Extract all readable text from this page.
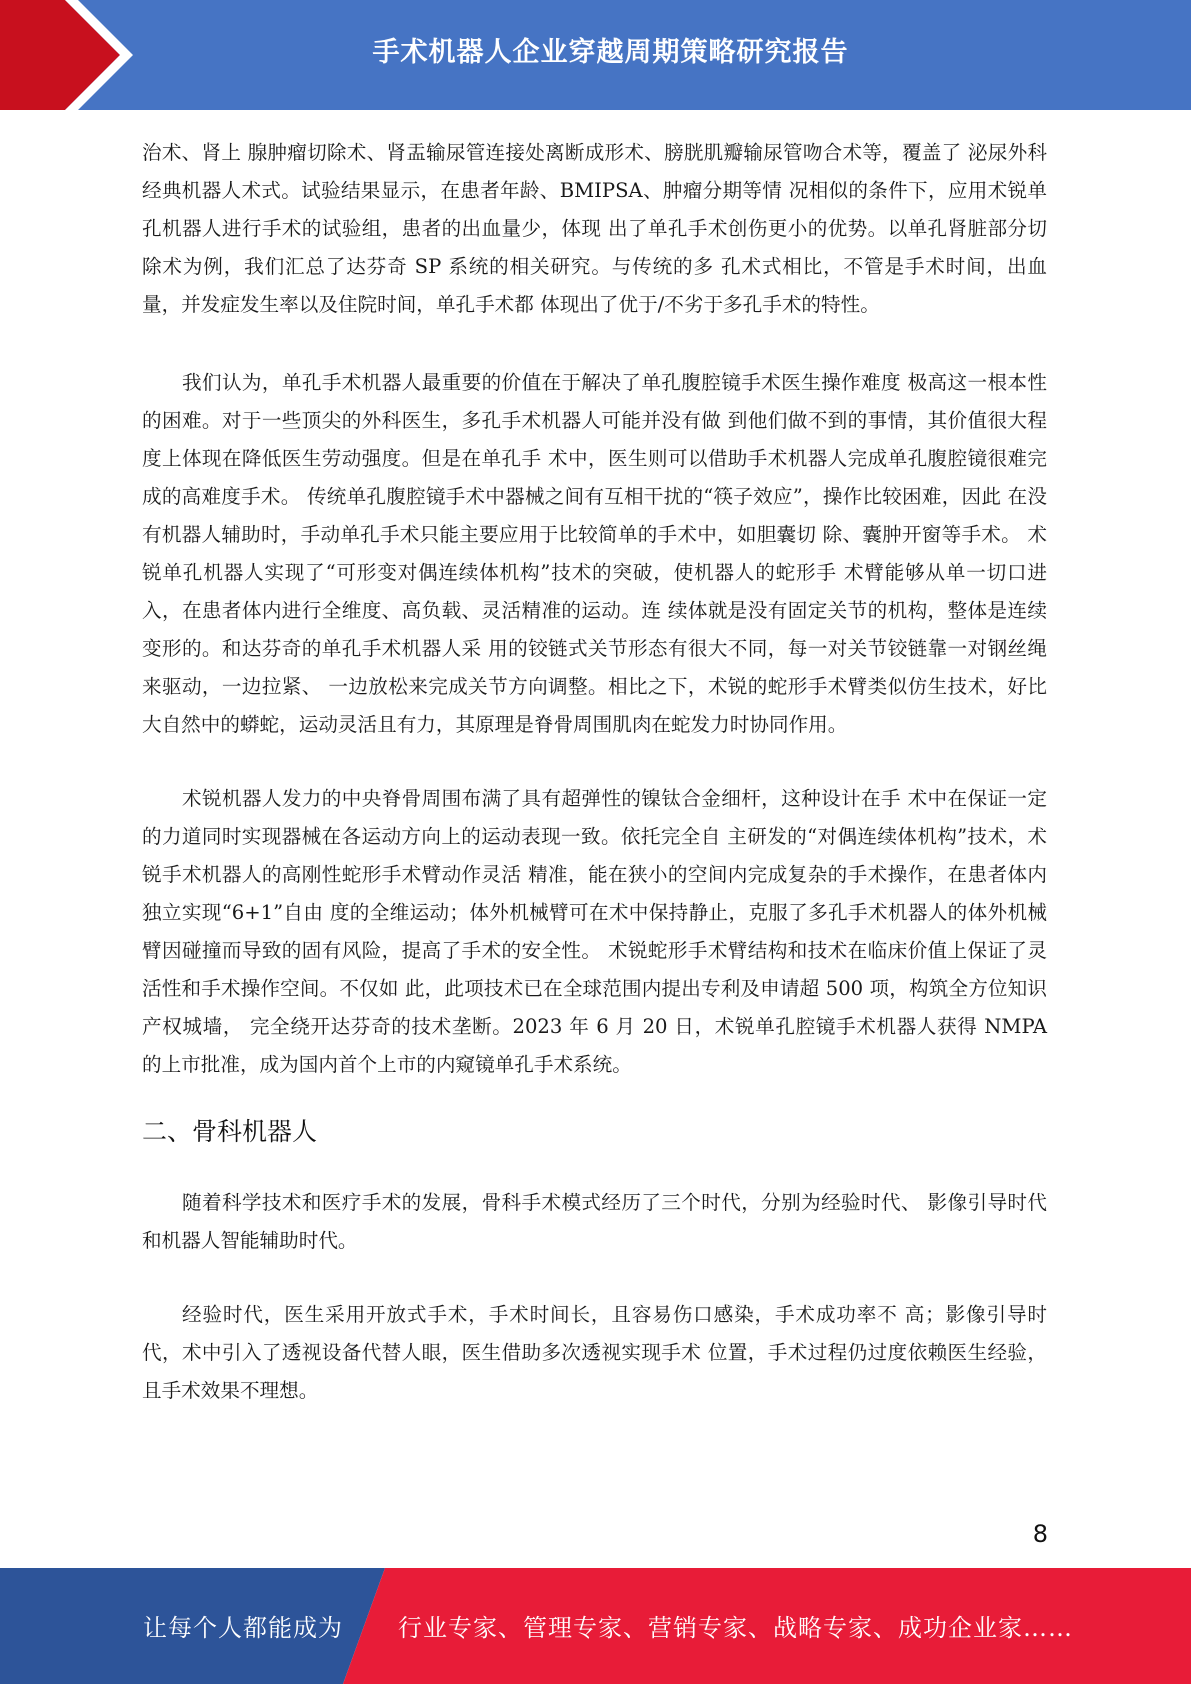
手术机器人企业穿越周期策略研究报告

治术、肾上 腺肿瘤切除术、肾盂输尿管连接处离断成形术、膀胱肌瓣输尿管吻合术等，覆盖了 泌尿外科经典机器人术式。试验结果显示，在患者年龄、BMIPSA、肿瘤分期等情 况相似的条件下，应用术锐单孔机器人进行手术的试验组，患者的出血量少，体现 出了单孔手术创伤更小的优势。以单孔肾脏部分切除术为例，我们汇总了达芬奇 SP 系统的相关研究。与传统的多 孔术式相比，不管是手术时间，出血量，并发症发生率以及住院时间，单孔手术都 体现出了优于/不劣于多孔手术的特性。

我们认为，单孔手术机器人最重要的价值在于解决了单孔腹腔镜手术医生操作难度 极高这一根本性的困难。对于一些顶尖的外科医生，多孔手术机器人可能并没有做 到他们做不到的事情，其价值很大程度上体现在降低医生劳动强度。但是在单孔手 术中，医生则可以借助手术机器人完成单孔腹腔镜很难完成的高难度手术。 传统单孔腹腔镜手术中器械之间有互相干扰的“筷子效应”，操作比较困难，因此 在没有机器人辅助时，手动单孔手术只能主要应用于比较简单的手术中，如胆囊切 除、囊肿开窗等手术。 术锐单孔机器人实现了“可形变对偶连续体机构”技术的突破，使机器人的蛇形手 术臂能够从单一切口进入，在患者体内进行全维度、高负载、灵活精准的运动。连 续体就是没有固定关节的机构，整体是连续变形的。和达芬奇的单孔手术机器人采 用的铰链式关节形态有很大不同，每一对关节铰链靠一对钢丝绳来驱动，一边拉紧、 一边放松来完成关节方向调整。相比之下，术锐的蛇形手术臂类似仿生技术，好比 大自然中的蟒蛇，运动灵活且有力，其原理是脊骨周围肌肉在蛇发力时协同作用。

术锐机器人发力的中央脊骨周围布满了具有超弹性的镍钛合金细杆，这种设计在手 术中在保证一定的力道同时实现器械在各运动方向上的运动表现一致。依托完全自 主研发的“对偶连续体机构”技术，术锐手术机器人的高刚性蛇形手术臂动作灵活 精准，能在狭小的空间内完成复杂的手术操作，在患者体内独立实现“6+1”自由 度的全维运动；体外机械臂可在术中保持静止，克服了多孔手术机器人的体外机械 臂因碰撞而导致的固有风险，提高了手术的安全性。 术锐蛇形手术臂结构和技术在临床价值上保证了灵活性和手术操作空间。不仅如 此，此项技术已在全球范围内提出专利及申请超 500 项，构筑全方位知识产权城墙， 完全绕开达芬奇的技术垄断。2023 年 6 月 20 日，术锐单孔腔镜手术机器人获得 NMPA 的上市批准，成为国内首个上市的内窥镜单孔手术系统。

二、骨科机器人

随着科学技术和医疗手术的发展，骨科手术模式经历了三个时代，分别为经验时代、 影像引导时代和机器人智能辅助时代。

经验时代，医生采用开放式手术，手术时间长，且容易伤口感染，手术成功率不 高；影像引导时代，术中引入了透视设备代替人眼，医生借助多次透视实现手术 位置，手术过程仍过度依赖医生经验，且手术效果不理想。

8
让每个人都能成为 行业专家、管理专家、营销专家、战略专家、成功企业家……
